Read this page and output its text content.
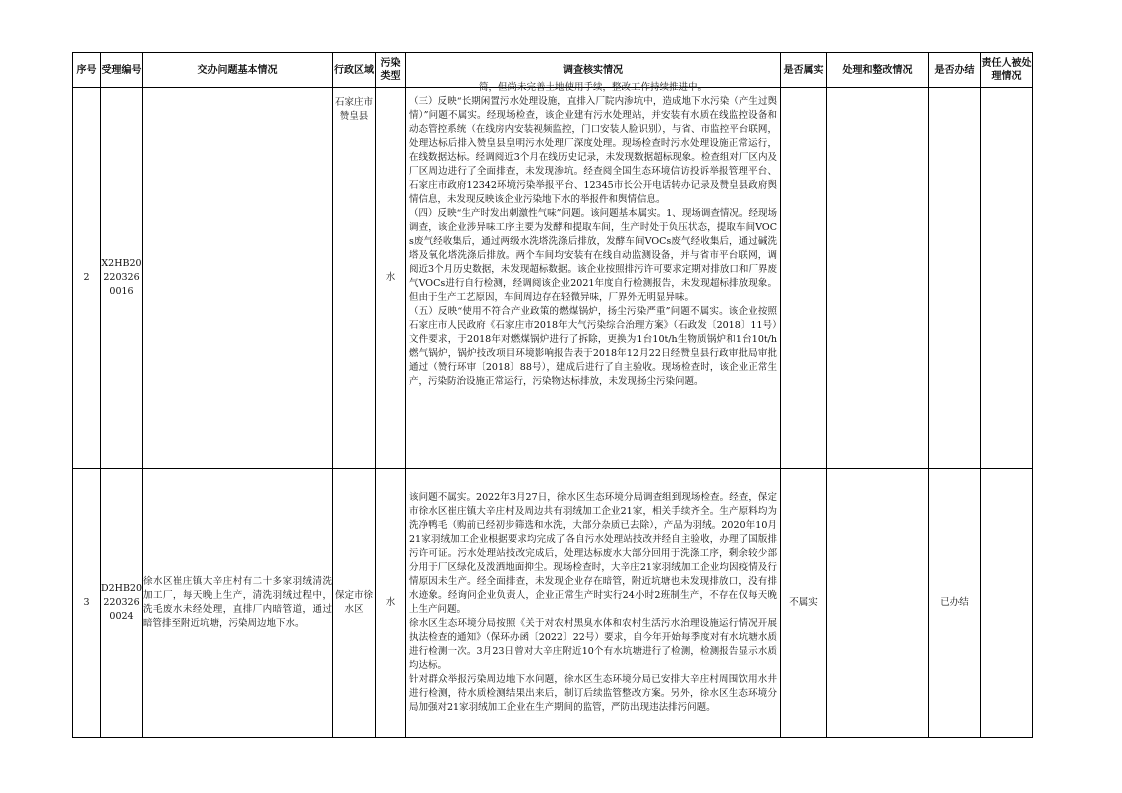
序号	受理编号	交办问题基本情况	行政区域	污染类型	调查核实情况	是否属实	处理和整改情况	是否办结	责任人被处理情况
2	X2HB20220326 0016		石家庄市赞皇县	水	简，但尚未完善土地使用手续，整改工作持续推进中。
（三）反映“长期闲置污水处理设施，直排入厂院内渗坑中，造成地下水污染（产生过舆情）”问题不属实。经现场检查，该企业建有污水处理站，并安装有水质在线监控设备和动态管控系统（在线房内安装视频监控，门口安装人脸识别），与省、市监控平台联网，处理达标后排入赞皇县皇明污水处理厂深度处理。现场检查时污水处理设施正常运行，在线数据达标。经调阅近3个月在线历史记录，未发现数据超标现象。检查组对厂区内及厂区周边进行了全面排查，未发现渗坑。经查阅全国生态环境信访投诉举报管理平台、石家庄市政府12342环境污染举报平台、12345市长公开电话转办记录及赞皇县政府舆情信息，未发现反映该企业污染地下水的举报件和舆情信息。
（四）反映“生产时发出刺激性气味”问题。该问题基本属实。1、现场调查情况。经现场调查，该企业涉异味工序主要为发酵和提取车间，生产时处于负压状态，提取车间VOCs废气经收集后，通过两级水洗塔洗涤后排放，发酵车间VOCs废气经收集后，通过碱洗塔及氧化塔洗涤后排放。两个车间均安装有在线自动监测设备，并与省市平台联网，调阅近3个月历史数据，未发现超标数据。该企业按照排污许可要求定期对排放口和厂界废气VOCs进行自行检测，经调阅该企业2021年度自行检测报告，未发现超标排放现象。但由于生产工艺原因，车间周边存在轻微异味，厂界外无明显异味。
（五）反映“使用不符合产业政策的燃煤锅炉，扬尘污染严重”问题不属实。该企业按照石家庄市人民政府《石家庄市2018年大气污染综合治理方案》（石政发〔2018〕11号）文件要求，于2018年对燃煤锅炉进行了拆除，更换为1台10t/h生物质锅炉和1台10t/h燃气锅炉，锅炉技改项目环境影响报告表于2018年12月22日经赞皇县行政审批局审批通过（赞行环审〔2018〕88号），建成后进行了自主验收。现场检查时，该企业正常生产，污染防治设施正常运行，污染物达标排放，未发现扬尘污染问题。				

3	D2HB20220326 0024	徐水区崔庄镇大辛庄村有二十多家羽绒清洗加工厂，每天晚上生产，清洗羽绒过程中，洗毛废水未经处理，直排厂内暗管道，通过暗管排至附近坑塘，污染周边地下水。	保定市徐水区	水	该问题不属实。2022年3月27日，徐水区生态环境分局调查组到现场检查。经查，保定市徐水区崔庄镇大辛庄村及周边共有羽绒加工企业21家，相关手续齐全。生产原料均为洗净鸭毛（购前已经初步筛选和水洗，大部分杂质已去除），产品为羽绒。2020年10月21家羽绒加工企业根据要求均完成了各自污水处理站技改并经自主验收，办理了国版排污许可证。污水处理站技改完成后，处理达标废水大部分回用于洗涤工序，剩余较少部分用于厂区绿化及泼洒地面抑尘。现场检查时，大辛庄21家羽绒加工企业均因疫情及行情原因未生产。经全面排查，未发现企业存在暗管，附近坑塘也未发现排放口，没有排水迹象。经询问企业负责人，企业正常生产时实行24小时2班制生产，不存在仅每天晚上生产问题。
徐水区生态环境分局按照《关于对农村黑臭水体和农村生活污水治理设施运行情况开展执法检查的通知》（保环办函〔2022〕22号）要求，自今年开始每季度对有水坑塘水质进行检测一次。3月23日曾对大辛庄附近10个有水坑塘进行了检测，检测报告显示水质均达标。
针对群众举报污染周边地下水问题，徐水区生态环境分局已安排大辛庄村周围饮用水井进行检测，待水质检测结果出来后，制订后续监管整改方案。另外，徐水区生态环境分局加强对21家羽绒加工企业在生产期间的监管，严防出现违法排污问题。	不属实		已办结	
